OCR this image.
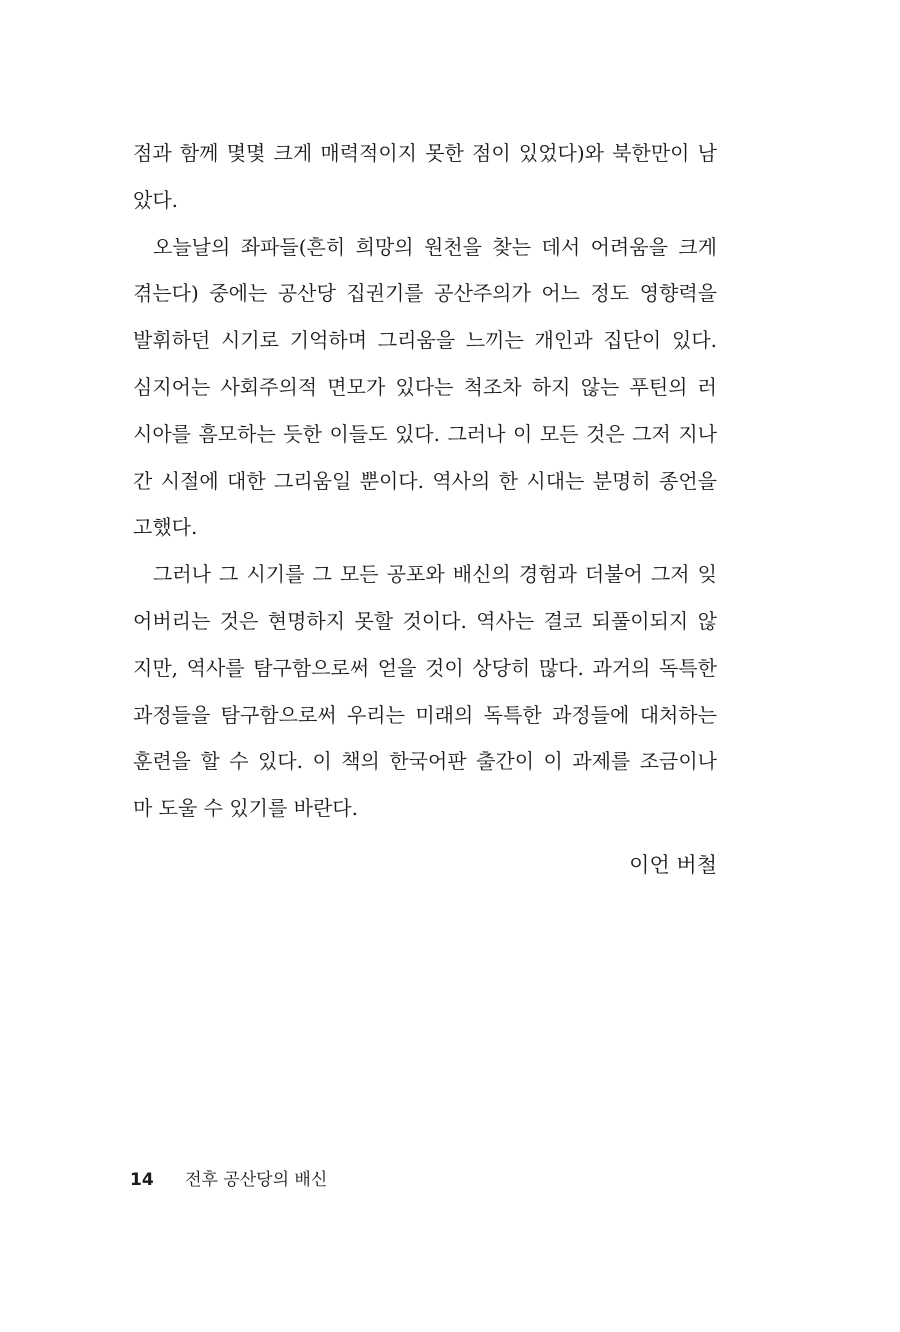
점과 함께 몇몇 크게 매력적이지 못한 점이 있었다)와 북한만이 남
았다.
오늘날의 좌파들(흔히 희망의 원천을 찾는 데서 어려움을 크게
겪는다) 중에는 공산당 집권기를 공산주의가 어느 정도 영향력을
발휘하던 시기로 기억하며 그리움을 느끼는 개인과 집단이 있다.
심지어는 사회주의적 면모가 있다는 척조차 하지 않는 푸틴의 러
시아를 흠모하는 듯한 이들도 있다. 그러나 이 모든 것은 그저 지나
간 시절에 대한 그리움일 뿐이다. 역사의 한 시대는 분명히 종언을
고했다.
그러나 그 시기를 그 모든 공포와 배신의 경험과 더불어 그저 잊
어버리는 것은 현명하지 못할 것이다. 역사는 결코 되풀이되지 않
지만, 역사를 탐구함으로써 얻을 것이 상당히 많다. 과거의 독특한
과정들을 탐구함으로써 우리는 미래의 독특한 과정들에 대처하는
훈련을 할 수 있다. 이 책의 한국어판 출간이 이 과제를 조금이나
마 도울 수 있기를 바란다.
이언 버철
14 전후 공산당의 배신
